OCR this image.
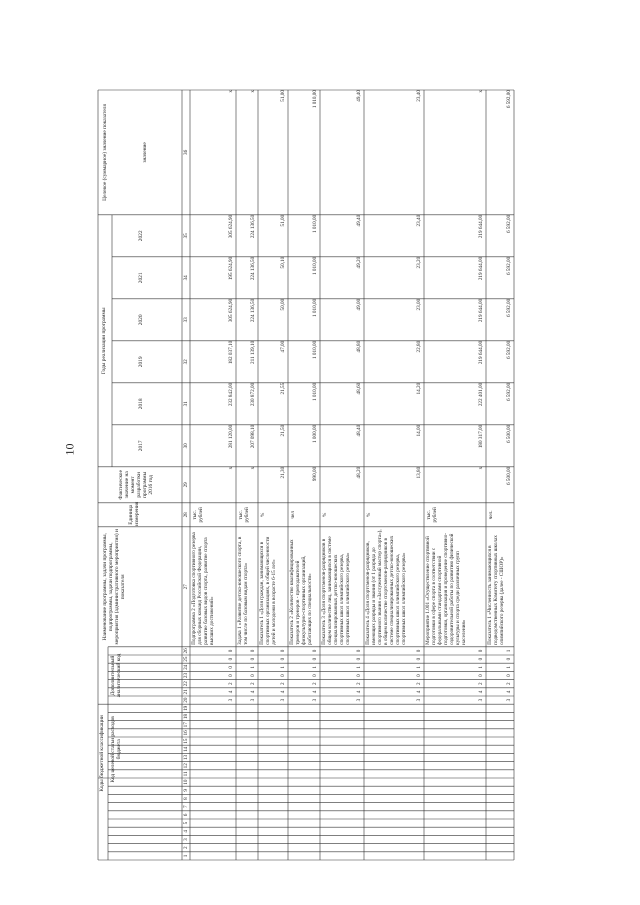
10
Коды бюджетной классификации Код целевой статьи расходов бюджета
Дополнительный аналитический код
Наименование программы, задачи программы, подпрограммы, задачи подпрограммы, мероприятия (административного мероприятия) и показателя
Единица измерения
Фактическое значение на момент разработки программы 2016 год
Годы реализации программы
2017
2018
2019
2020
2021
2022
Целевое (суммарное) значение показателя	значение
1
2
3
4
5
6
7
8
9
10
11
12
13
14
15
16
17
18
19
20
21
22
23
24
25
26
27
28
29
30
31
32
33
34
35
36
3
4
2
0
0
0
0
Подпрограмма 2 «Подготовка спортивного резерва для сборных команд Российской Федерации, развитие базовых видов спорта, развитие спорта высших достижений»
тыс. рублей
x
281 120,00
232 842,00
182 037,10
305 624,90
195 624,90
305 624,90
x
3
4
2
0
1
0
0
Задача 1 «Развитие детско-юношеского спорта, в том числе по базовым видам спорта»
тыс. рублей
x
207 098,10
230 872,00
211 139,10
224 136,50
224 136,50
224 136,50
x
3
4
2
0
1
0
0
Показатель 1 «Доля граждан, занимающихся в спортивных организациях, в общей численности детей и молодежи в возрасте 6-15 лет»
%
21,30
21,50
21,55
47,00
50,00
50,10
51,00
51,00
3
4
2
0
1
0
0
Показатель 2 «Количество квалифицированных тренеров и тренеров - преподавателей физкультурно-спортивных организаций, работающих по специальности»
чел
990,00
1 000,00
1 010,00
1 010,00
1 010,00
1 010,00
1 010,00
1 010,00
3
4
2
0
1
0
0
Показатель 3 «Доля спортсменов-разрядников в общем количестве лиц, занимающихся в системе специализированных детско-юношеских спортивных школ олимпийского резерва, спортивных школ олимпийского резерва»
%
48,20
48,40
48,60
48,80
49,00
49,20
49,40
49,40
3
4
2
0
1
0
0
Показатель 4 «Доля спортсменов-разрядников, имеющих разряды и звания (от 1 разряда до спортивного звания «Заслуженный мастер спорта»), в общем количестве спортсменов-разрядников в системе специализированных детско-юношеских спортивных школ олимпийского резерва, спортивных школ олимпийского резерва»
%
13,80
14,00
14,20
22,80
23,00
23,20
23,40
23,40
3
4
2
0
1
0
0
Мероприятие 1.001 «Осуществление спортивной подготовки в сфере спорта в соответствии с федеральными стандартами спортивной подготовки, организация и проведение спортивно-оздоровительной работы по развитию физической культуры и спорта среди различных групп населения»
тыс. рублей
x
180 317,00
222 401,00
219 644,00
219 644,00
219 644,00
219 644,00
x
3
4
2
0
1
0
1
Показатель 1 «Численность занимающихся в подведомственных Комитету спортивных школах олимпийского резерва (далее - СШОР)»
чел.
6 500,00
6 500,00
6 592,00
6 592,00
6 592,00
6 592,00
6 592,00
6 592,00
